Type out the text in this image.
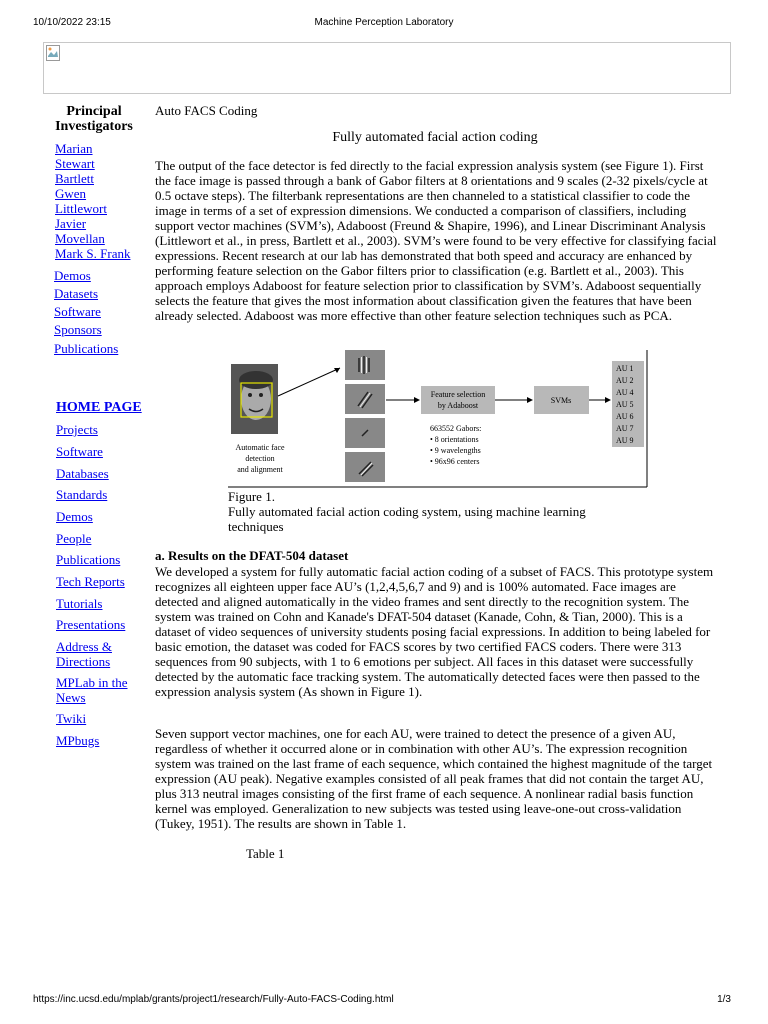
10/10/2022 23:15	Machine Perception Laboratory
Principal Investigators
Marian
Stewart
Bartlett
Gwen
Littlewort
Javier
Movellan
Mark S. Frank
Demos
Datasets
Software
Sponsors
Publications
HOME PAGE
Projects
Software
Databases
Standards
Demos
People
Publications
Tech Reports
Tutorials
Presentations
Address &
Directions
MPLab in the
News
Twiki
MPbugs
Auto FACS Coding
Fully automated facial action coding
The output of the face detector is fed directly to the facial expression analysis system (see Figure 1). First the face image is passed through a bank of Gabor filters at 8 orientations and 9 scales (2-32 pixels/cycle at 0.5 octave steps). The filterbank representations are then channeled to a statistical classifier to code the image in terms of a set of expression dimensions. We conducted a comparison of classifiers, including support vector machines (SVM’s), Adaboost (Freund & Shapire, 1996), and Linear Discriminant Analysis (Littlewort et al., in press, Bartlett et al., 2003). SVM’s were found to be very effective for classifying facial expressions. Recent research at our lab has demonstrated that both speed and accuracy are enhanced by performing feature selection on the Gabor filters prior to classification (e.g. Bartlett et al., 2003). This approach employs Adaboost for feature selection prior to classification by SVM’s. Adaboost sequentially selects the feature that gives the most information about classification given the features that have been already selected. Adaboost was more effective than other feature selection techniques such as PCA.
Automatic face
detection
and alignment
Feature selection
by Adaboost
SVMs
AU 1
AU 2
AU 4
AU 5
AU 6
AU 7
AU 9
663552 Gabors:
• 8 orientations
• 9 wavelengths
• 96x96 centers
Figure 1.
Fully automated facial action coding system, using machine learning techniques
a. Results on the DFAT-504 dataset
We developed a system for fully automatic facial action coding of a subset of FACS. This prototype system recognizes all eighteen upper face AU’s (1,2,4,5,6,7 and 9) and is 100% automated. Face images are detected and aligned automatically in the video frames and sent directly to the recognition system. The system was trained on Cohn and Kanade's DFAT-504 dataset (Kanade, Cohn, & Tian, 2000). This is a dataset of video sequences of university students posing facial expressions. In addition to being labeled for basic emotion, the dataset was coded for FACS scores by two certified FACS coders. There were 313 sequences from 90 subjects, with 1 to 6 emotions per subject. All faces in this dataset were successfully detected by the automatic face tracking system. The automatically detected faces were then passed to the expression analysis system (As shown in Figure 1).
Seven support vector machines, one for each AU, were trained to detect the presence of a given AU, regardless of whether it occurred alone or in combination with other AU’s. The expression recognition system was trained on the last frame of each sequence, which contained the highest magnitude of the target expression (AU peak). Negative examples consisted of all peak frames that did not contain the target AU, plus 313 neutral images consisting of the first frame of each sequence. A nonlinear radial basis function kernel was employed. Generalization to new subjects was tested using leave-one-out cross-validation (Tukey, 1951). The results are shown in Table 1.
Table 1
https://inc.ucsd.edu/mplab/grants/project1/research/Fully-Auto-FACS-Coding.html	1/3
